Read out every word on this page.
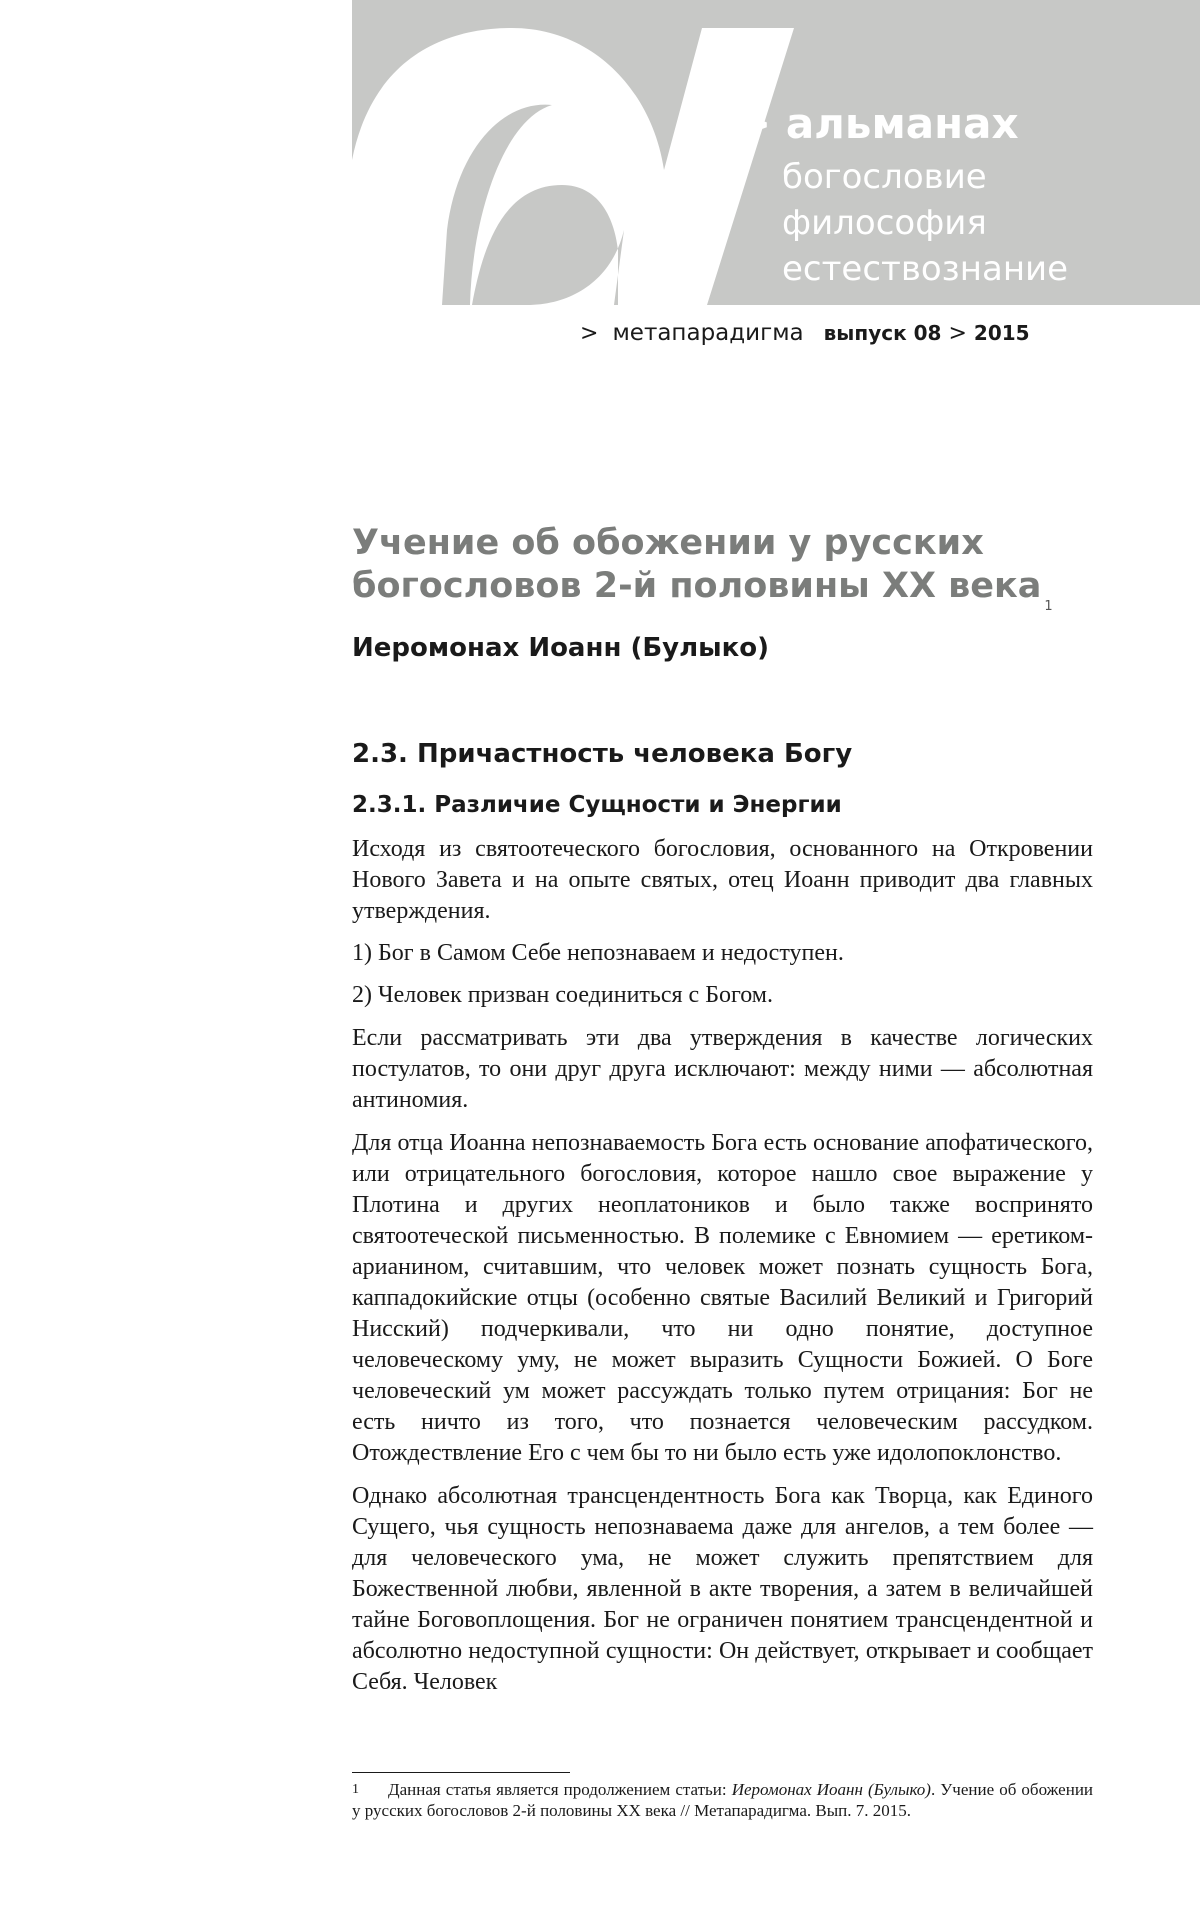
> альманах
богословие
философия
естествознание
> метапарадигма выпуск 08 > 2015
Учение об обожении у русских
богословов 2-й половины XX века$^1$
Иеромонах Иоанн (Булыко)
2.3. Причастность человека Богу
2.3.1. Различие Сущности и Энергии

Исходя из святоотеческого богословия, основанного на Откровении Нового Завета и на опыте святых, отец Иоанн приводит два главных утверждения.

1) Бог в Самом Себе непознаваем и недоступен.

2) Человек призван соединиться с Богом.

Если рассматривать эти два утверждения в качестве логических постулатов, то они друг друга исключают: между ними — абсолютная антиномия.

Для отца Иоанна непознаваемость Бога есть основание апофатического, или отрицательного богословия, которое нашло свое выражение у Плотина и других неоплатоников и было также воспринято святоотеческой письменностью. В полемике с Евномием — еретиком-арианином, считавшим, что человек может познать сущность Бога, каппадокийские отцы (особенно святые Василий Великий и Григорий Нисский) подчеркивали, что ни одно понятие, доступное человеческому уму, не может выразить Сущности Божией. О Боге человеческий ум может рассуждать только путем отрицания: Бог не есть ничто из того, что познается человеческим рассудком. Отождествление Его с чем бы то ни было есть уже идолопоклонство.

Однако абсолютная трансцендентность Бога как Творца, как Единого Сущего, чья сущность непознаваема даже для ангелов, а тем более — для человеческого ума, не может служить препятствием для Божественной любви, явленной в акте творения, а затем в величайшей тайне Боговоплощения. Бог не ограничен понятием трансцендентной и абсолютно недоступной сущности: Он действует, открывает и сообщает Себя. Человек

1 Данная статья является продолжением статьи: Иеромонах Иоанн (Булыко). Учение об обожении у русских богословов 2-й половины XX века // Метапарадигма. Вып. 7. 2015.
